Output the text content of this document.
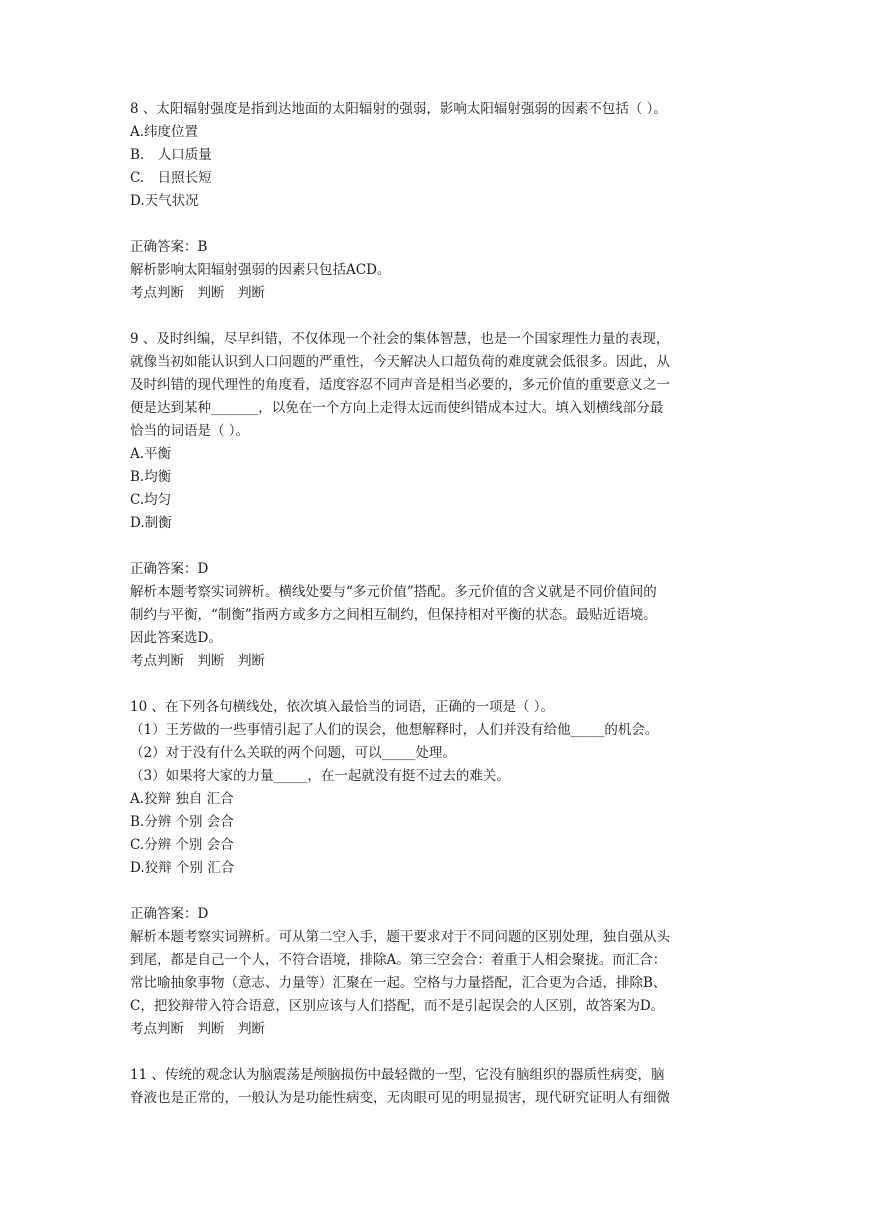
8 、太阳辐射强度是指到达地面的太阳辐射的强弱，影响太阳辐射强弱的因素不包括（ ）。
A.纬度位置
B.　人口质量
C.　日照长短
D.天气状况
正确答案：B
解析影响太阳辐射强弱的因素只包括ACD。
考点判断　判断　判断
9 、及时纠编，尽早纠错，不仅体现一个社会的集体智慧，也是一个国家理性力量的表现，
就像当初如能认识到人口问题的严重性，今天解决人口超负荷的难度就会低很多。因此，从
及时纠错的现代理性的角度看，适度容忍不同声音是相当必要的，多元价值的重要意义之一
便是达到某种_______，以免在一个方向上走得太远而使纠错成本过大。填入划横线部分最
恰当的词语是（ ）。
A.平衡
B.均衡
C.均匀
D.制衡
正确答案：D
解析本题考察实词辨析。横线处要与“多元价值”搭配。多元价值的含义就是不同价值间的
制约与平衡，“制衡”指两方或多方之间相互制约，但保持相对平衡的状态。最贴近语境。
因此答案选D。
考点判断　判断　判断
10 、在下列各句横线处，依次填入最恰当的词语，正确的一项是（ ）。
（1）王芳做的一些事情引起了人们的误会，他想解释时，人们并没有给他_____的机会。
（2）对于没有什么关联的两个问题，可以_____处理。
（3）如果将大家的力量_____，在一起就没有挺不过去的难关。
A.狡辩 独自 汇合
B.分辨 个别 会合
C.分辨 个别 会合
D.狡辩 个别 汇合
正确答案：D
解析本题考察实词辨析。可从第二空入手，题干要求对于不同问题的区别处理，独自强从头
到尾，都是自己一个人，不符合语境，排除A。第三空会合：着重于人相会聚拢。而汇合：
常比喻抽象事物（意志、力量等）汇聚在一起。空格与力量搭配，汇合更为合适，排除B、
C，把狡辩带入符合语意，区别应该与人们搭配，而不是引起误会的人区别，故答案为D。
考点判断　判断　判断
11 、传统的观念认为脑震荡是颅脑损伤中最轻微的一型，它没有脑组织的器质性病变，脑
脊液也是正常的，一般认为是功能性病变，无肉眼可见的明显损害，现代研究证明人有细微
